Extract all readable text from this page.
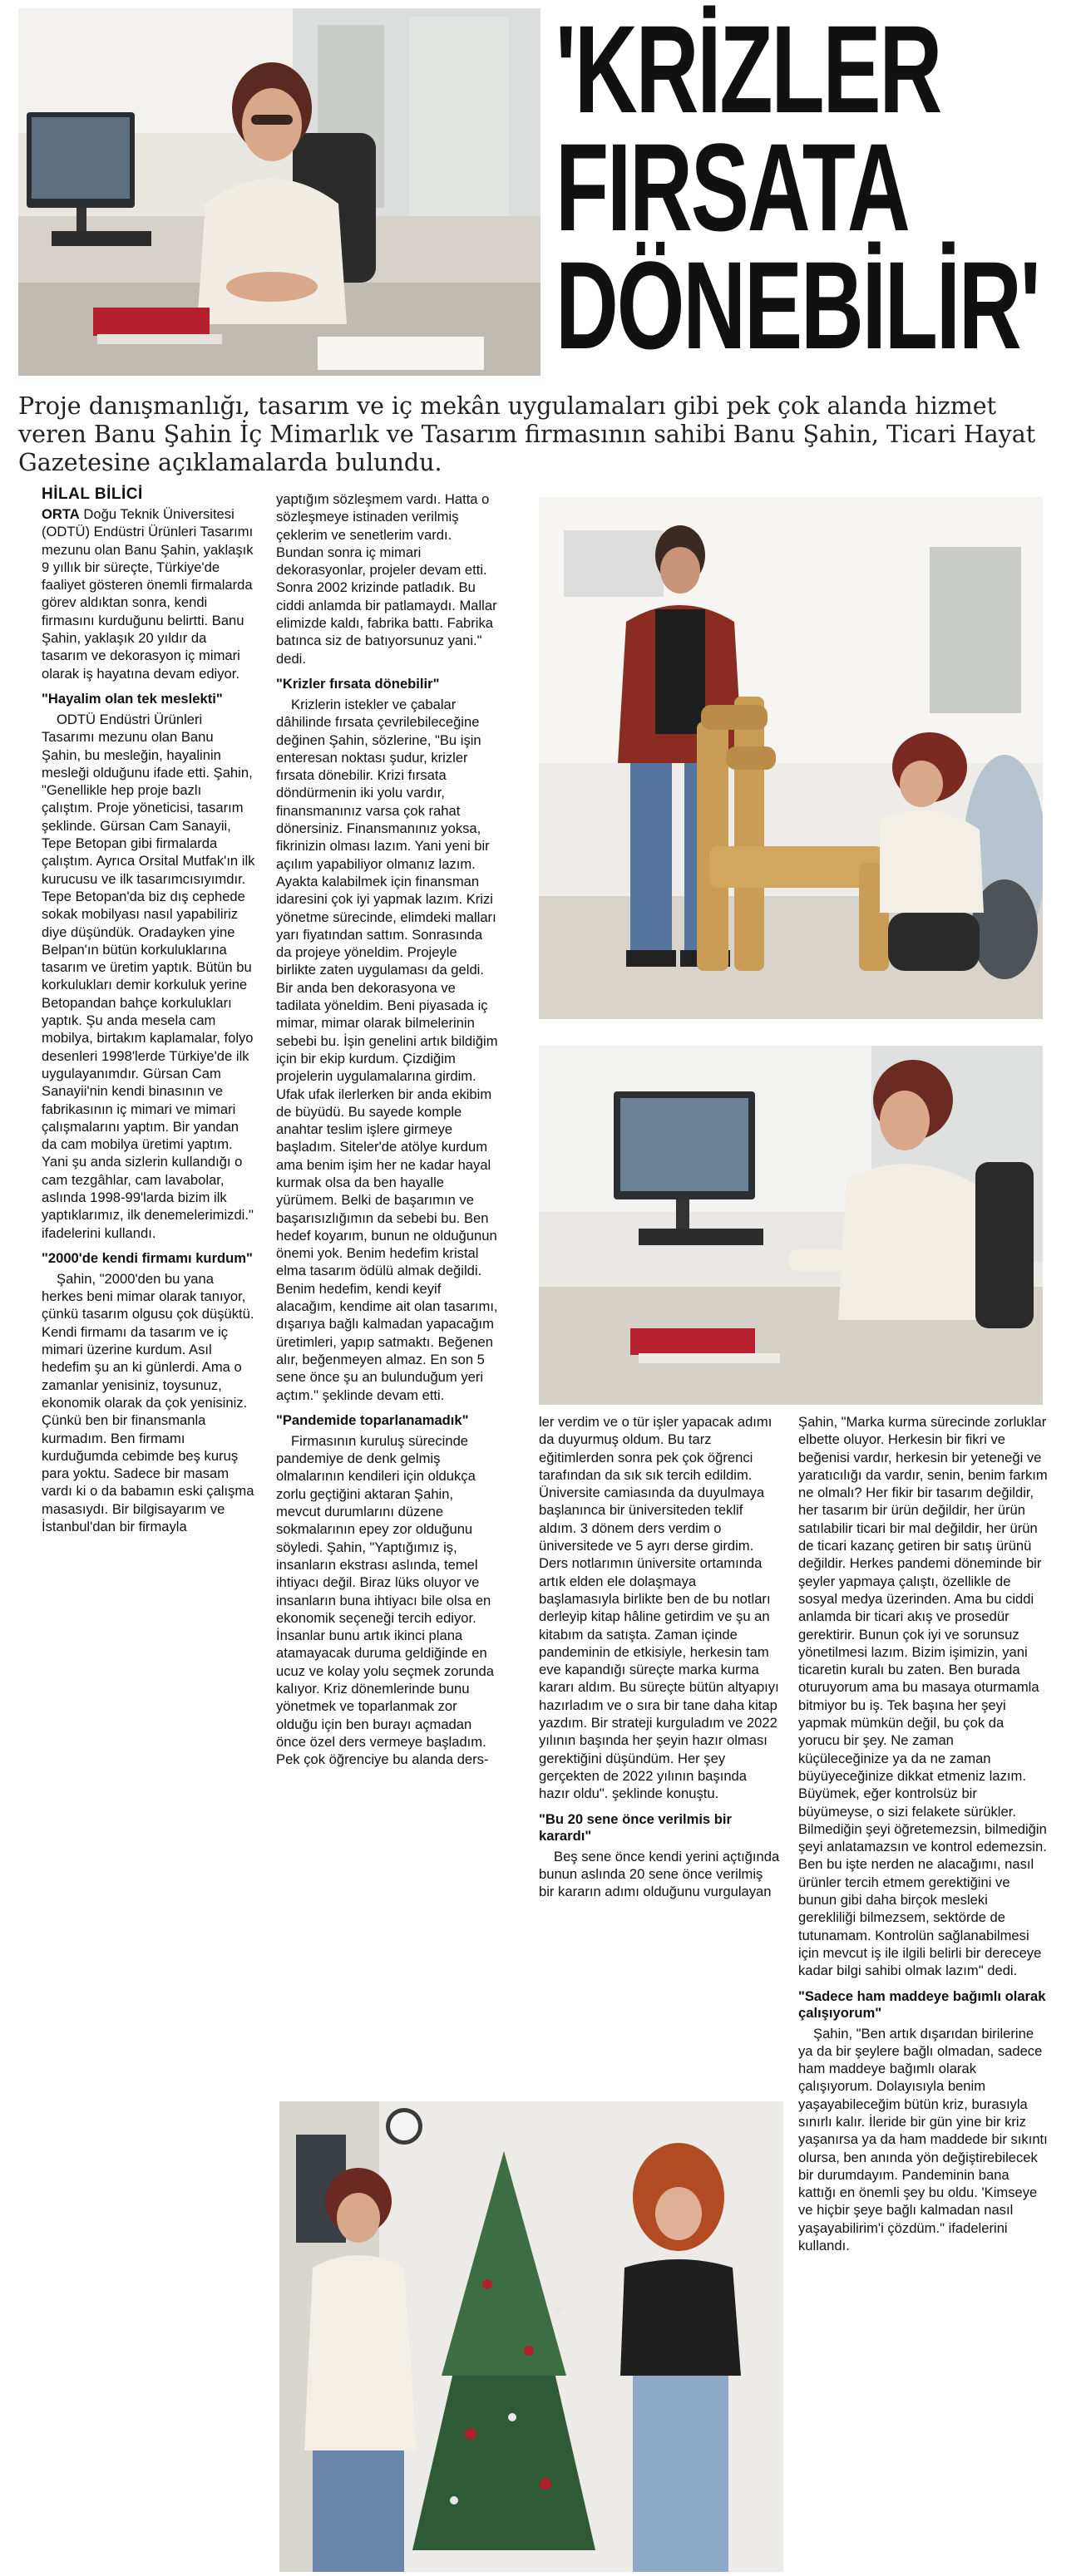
'KRİZLER
FIRSATA
DÖNEBİLİR'
Proje danışmanlığı, tasarım ve iç mekân uygulamaları gibi pek çok alanda hizmet veren Banu Şahin İç Mimarlık ve Tasarım firmasının sahibi Banu Şahin, Ticari Hayat Gazetesine açıklamalarda bulundu.
HİLAL BİLİCİ

ORTA Doğu Teknik Üniversitesi (ODTÜ) Endüstri Ürünleri Tasarımı mezunu olan Banu Şahin, yaklaşık 9 yıllık bir süreçte, Türkiye'de faaliyet gösteren önemli firmalarda görev aldıktan sonra, kendi firmasını kurduğunu belirtti. Banu Şahin, yaklaşık 20 yıldır da tasarım ve dekorasyon iç mimari olarak iş hayatına devam ediyor.

"Hayalim olan tek meslekti"

ODTÜ Endüstri Ürünleri Tasarımı mezunu olan Banu Şahin, bu mesleğin, hayalinin mesleği olduğunu ifade etti. Şahin, "Genellikle hep proje bazlı çalıştım. Proje yöneticisi, tasarım şeklinde. Gürsan Cam Sanayii, Tepe Betopan gibi firmalarda çalıştım. Ayrıca Orsital Mutfak'ın ilk kurucusu ve ilk tasarımcısıyımdır. Tepe Betopan'da biz dış cephede sokak mobilyası nasıl yapabiliriz diye düşündük. Oradayken yine Belpan'ın bütün korkuluklarına tasarım ve üretim yaptık. Bütün bu korkulukları demir korkuluk yerine Betopandan bahçe korkulukları yaptık. Şu anda mesela cam mobilya, birtakım kaplamalar, folyo desenleri 1998'lerde Türkiye'de ilk uygulayanımdır. Gürsan Cam Sanayii'nin kendi binasının ve fabrikasının iç mimari ve mimari çalışmalarını yaptım. Bir yandan da cam mobilya üretimi yaptım. Yani şu anda sizlerin kullandığı o cam tezgâhlar, cam lavabolar, aslında 1998-99'larda bizim ilk yaptıklarımız, ilk denemelerimizdi." ifadelerini kullandı.

"2000'de kendi firmamı kurdum"

Şahin, "2000'den bu yana herkes beni mimar olarak tanıyor, çünkü tasarım olgusu çok düşüktü. Kendi firmamı da tasarım ve iç mimari üzerine kurdum. Asıl hedefim şu an ki günlerdi. Ama o zamanlar yenisiniz, toysunuz, ekonomik olarak da çok yenisiniz. Çünkü ben bir finansmanla kurmadım. Ben firmamı kurduğumda cebimde beş kuruş para yoktu. Sadece bir masam vardı ki o da babamın eski çalışma masasıydı. Bir bilgisayarım ve İstanbul'dan bir firmayla

yaptığım sözleşmem vardı. Hatta o sözleşmeye istinaden verilmiş çeklerim ve senetlerim vardı. Bundan sonra iç mimari dekorasyonlar, projeler devam etti. Sonra 2002 krizinde patladık. Bu ciddi anlamda bir patlamaydı. Mallar elimizde kaldı, fabrika battı. Fabrika batınca siz de batıyorsunuz yani." dedi.

"Krizler fırsata dönebilir"

Krizlerin istekler ve çabalar dâhilinde fırsata çevrilebileceğine değinen Şahin, sözlerine, "Bu işin enteresan noktası şudur, krizler fırsata dönebilir. Krizi fırsata döndürmenin iki yolu vardır, finansmanınız varsa çok rahat dönersiniz. Finansmanınız yoksa, fikrinizin olması lazım. Yani yeni bir açılım yapabiliyor olmanız lazım. Ayakta kalabilmek için finansman idaresini çok iyi yapmak lazım. Krizi yönetme sürecinde, elimdeki malları yarı fiyatından sattım. Sonrasında da projeye yöneldim. Projeyle birlikte zaten uygulaması da geldi. Bir anda ben dekorasyona ve tadilata yöneldim. Beni piyasada iç mimar, mimar olarak bilmelerinin sebebi bu. İşin genelini artık bildiğim için bir ekip kurdum. Çizdiğim projelerin uygulamalarına girdim. Ufak ufak ilerlerken bir anda ekibim de büyüdü. Bu sayede komple anahtar teslim işlere girmeye başladım. Siteler'de atölye kurdum ama benim işim her ne kadar hayal kurmak olsa da ben hayalle yürümem. Belki de başarımın ve başarısızlığımın da sebebi bu. Ben hedef koyarım, bunun ne olduğunun önemi yok. Benim hedefim kristal elma tasarım ödülü almak değildi. Benim hedefim, kendi keyif alacağım, kendime ait olan tasarımı, dışarıya bağlı kalmadan yapacağım üretimleri, yapıp satmaktı. Beğenen alır, beğenmeyen almaz. En son 5 sene önce şu an bulunduğum yeri açtım." şeklinde devam etti.

"Pandemide toparlanamadık"

Firmasının kuruluş sürecinde pandemiye de denk gelmiş olmalarının kendileri için oldukça zorlu geçtiğini aktaran Şahin, mevcut durumlarını düzene sokmalarının epey zor olduğunu söyledi. Şahin, "Yaptığımız iş, insanların ekstrası aslında, temel ihtiyacı değil. Biraz lüks oluyor ve insanların buna ihtiyacı bile olsa en ekonomik seçeneği tercih ediyor. İnsanlar bunu artık ikinci plana atamayacak duruma geldiğinde en ucuz ve kolay yolu seçmek zorunda kalıyor. Kriz dönemlerinde bunu yönetmek ve toparlanmak zor olduğu için ben burayı açmadan önce özel ders vermeye başladım. Pek çok öğrenciye bu alanda ders-

ler verdim ve o tür işler yapacak adımı da duyurmuş oldum. Bu tarz eğitimlerden sonra pek çok öğrenci tarafından da sık sık tercih edildim. Üniversite camiasında da duyulmaya başlanınca bir üniversiteden teklif aldım. 3 dönem ders verdim o üniversitede ve 5 ayrı derse girdim. Ders notlarımın üniversite ortamında artık elden ele dolaşmaya başlamasıyla birlikte ben de bu notları derleyip kitap hâline getirdim ve şu an kitabım da satışta. Zaman içinde pandeminin de etkisiyle, herkesin tam eve kapandığı süreçte marka kurma kararı aldım. Bu süreçte bütün altyapıyı hazırladım ve o sıra bir tane daha kitap yazdım. Bir strateji kurguladım ve 2022 yılının başında her şeyin hazır olması gerektiğini düşündüm. Her şey gerçekten de 2022 yılının başında hazır oldu". şeklinde konuştu.

"Bu 20 sene önce verilmis bir karardı"

Beş sene önce kendi yerini açtığında bunun aslında 20 sene önce verilmiş bir kararın adımı olduğunu vurgulayan

Şahin, "Marka kurma sürecinde zorluklar elbette oluyor. Herkesin bir fikri ve beğenisi vardır, herkesin bir yeteneği ve yaratıcılığı da vardır, senin, benim farkım ne olmalı? Her fikir bir tasarım değildir, her tasarım bir ürün değildir, her ürün satılabilir ticari bir mal değildir, her ürün de ticari kazanç getiren bir satış ürünü değildir. Herkes pandemi döneminde bir şeyler yapmaya çalıştı, özellikle de sosyal medya üzerinden. Ama bu ciddi anlamda bir ticari akış ve prosedür gerektirir. Bunun çok iyi ve sorunsuz yönetilmesi lazım. Bizim işimizin, yani ticaretin kuralı bu zaten. Ben burada oturuyorum ama bu masaya oturmamla bitmiyor bu iş. Tek başına her şeyi yapmak mümkün değil, bu çok da yorucu bir şey. Ne zaman küçüleceğinize ya da ne zaman büyüyeceğinize dikkat etmeniz lazım. Büyümek, eğer kontrolsüz bir büyümeyse, o sizi felakete sürükler. Bilmediğin şeyi öğretemezsin, bilmediğin şeyi anlatamazsın ve kontrol edemezsin. Ben bu işte nerden ne alacağımı, nasıl ürünler tercih etmem gerektiğini ve bunun gibi daha birçok mesleki gerekliliği bilmezsem, sektörde de tutunamam. Kontrolün sağlanabilmesi için mevcut iş ile ilgili belirli bir dereceye kadar bilgi sahibi olmak lazım" dedi.

"Sadece ham maddeye bağımlı olarak çalışıyorum"

Şahin, "Ben artık dışarıdan birilerine ya da bir şeylere bağlı olmadan, sadece ham maddeye bağımlı olarak çalışıyorum. Dolayısıyla benim yaşayabileceğim bütün kriz, burasıyla sınırlı kalır. İleride bir gün yine bir kriz yaşanırsa ya da ham maddede bir sıkıntı olursa, ben anında yön değiştirebilecek bir durumdayım. Pandeminin bana kattığı en önemli şey bu oldu. 'Kimseye ve hiçbir şeye bağlı kalmadan nasıl yaşayabilirim'i çözdüm." ifadelerini kullandı.
